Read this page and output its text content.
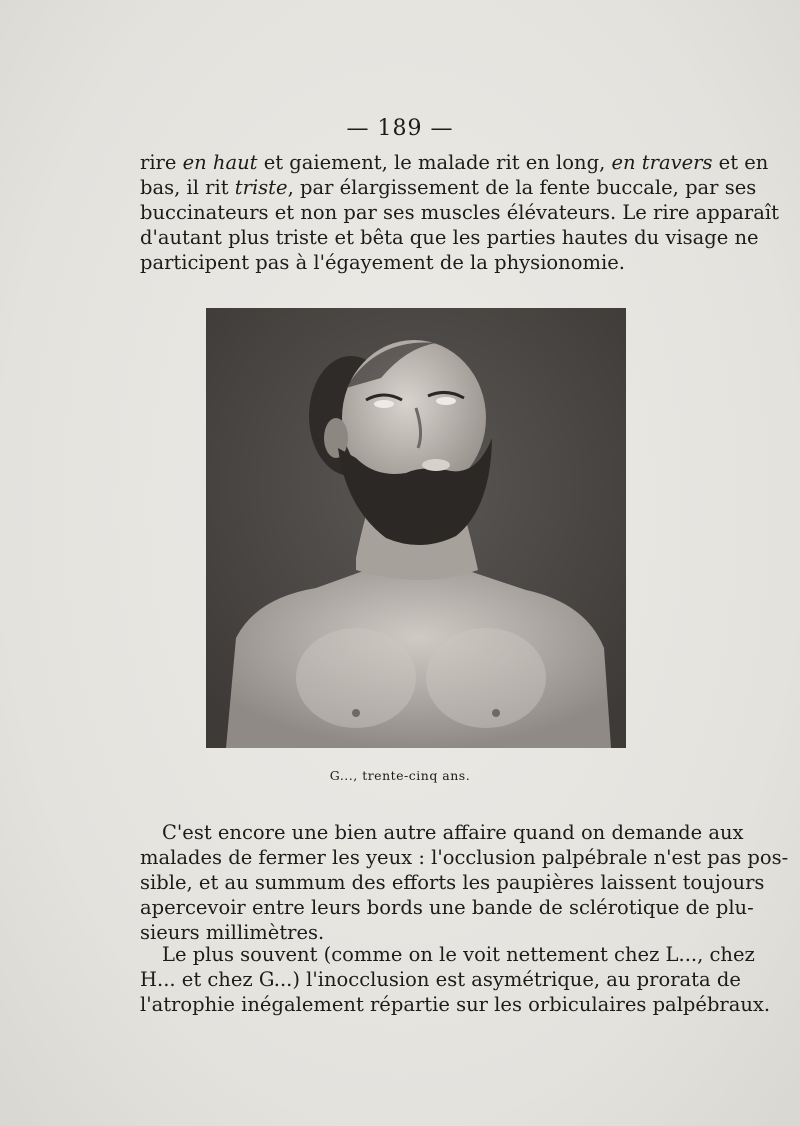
— 189 —
rire en haut et gaiement, le malade rit en long, en travers et en
bas, il rit triste, par élargissement de la fente buccale, par ses
buccinateurs et non par ses muscles élévateurs. Le rire apparaît
d'autant plus triste et bêta que les parties hautes du visage ne
participent pas à l'égayement de la physionomie.
G..., trente-cinq ans.
C'est encore une bien autre affaire quand on demande aux
malades de fermer les yeux : l'occlusion palpébrale n'est pas pos-
sible, et au summum des efforts les paupières laissent toujours
apercevoir entre leurs bords une bande de sclérotique de plu-
sieurs millimètres.
Le plus souvent (comme on le voit nettement chez L..., chez
H... et chez G...) l'inocclusion est asymétrique, au prorata de
l'atrophie inégalement répartie sur les orbiculaires palpébraux.
